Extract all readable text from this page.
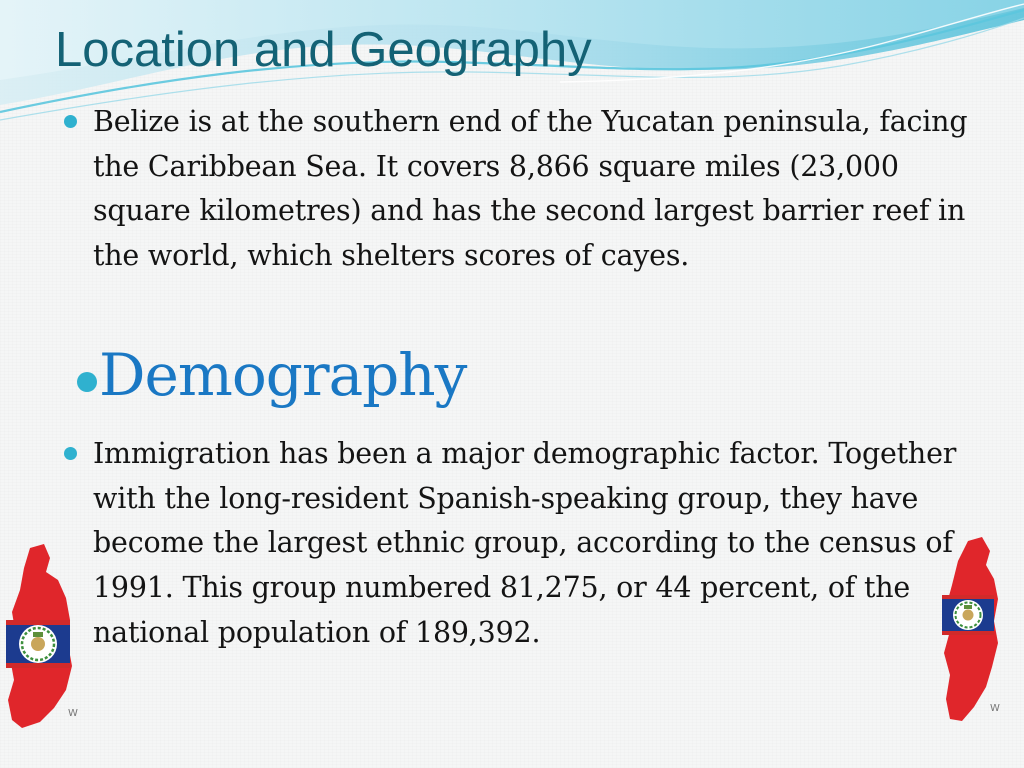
Location and Geography

Belize is at the southern end of the Yucatan peninsula, facing the Caribbean Sea. It covers 8,866 square miles (23,000 square kilometres) and has the second largest barrier reef in the world, which shelters scores of cayes.

Demography

Immigration has been a major demographic factor. Together with the long-resident Spanish-speaking group, they have become the largest ethnic group, according to the census of 1991. This group numbered 81,275, or 44 percent, of the national population of 189,392.

W	W
